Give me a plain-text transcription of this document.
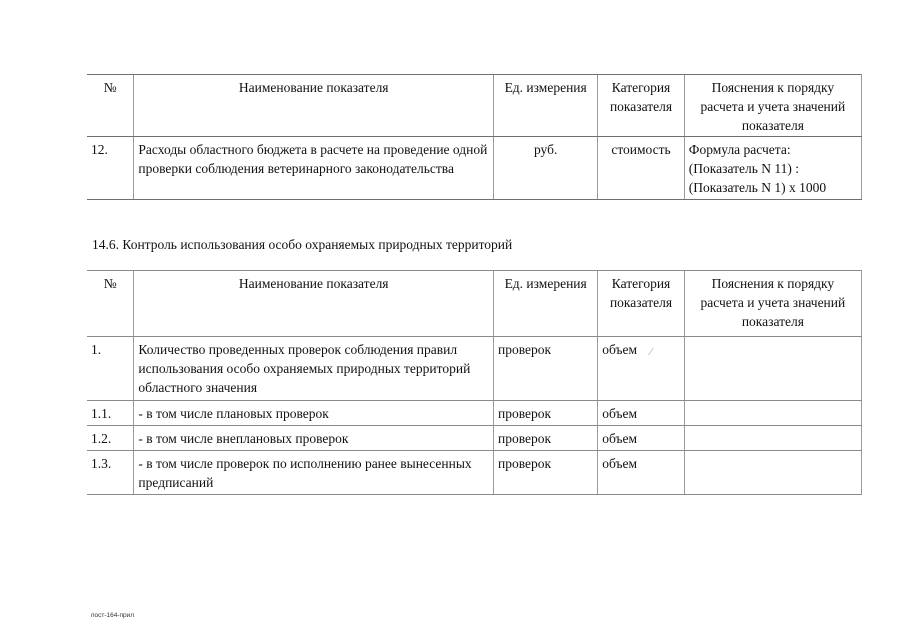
№	Наименование показателя	Ед. измерения	Категория показателя	Пояснения к порядку расчета и учета значений показателя
12.	Расходы областного бюджета в расчете на проведение одной проверки соблюдения ветеринарного законодательства	руб.	стоимость	Формула расчета:
(Показатель N 11) :
(Показатель N 1) x 1000
14.6. Контроль использования особо охраняемых природных территорий
№	Наименование показателя	Ед. измерения	Категория показателя	Пояснения к порядку расчета и учета значений показателя
1.	Количество проведенных проверок соблюдения правил использования особо охраняемых природных территорий областного значения	проверок	объем	
1.1.	- в том числе плановых проверок	проверок	объем	
1.2.	- в том числе внеплановых проверок	проверок	объем	
1.3.	- в том числе проверок по исполнению ранее вынесенных предписаний	проверок	объем	
⁄
пост-164-прил
